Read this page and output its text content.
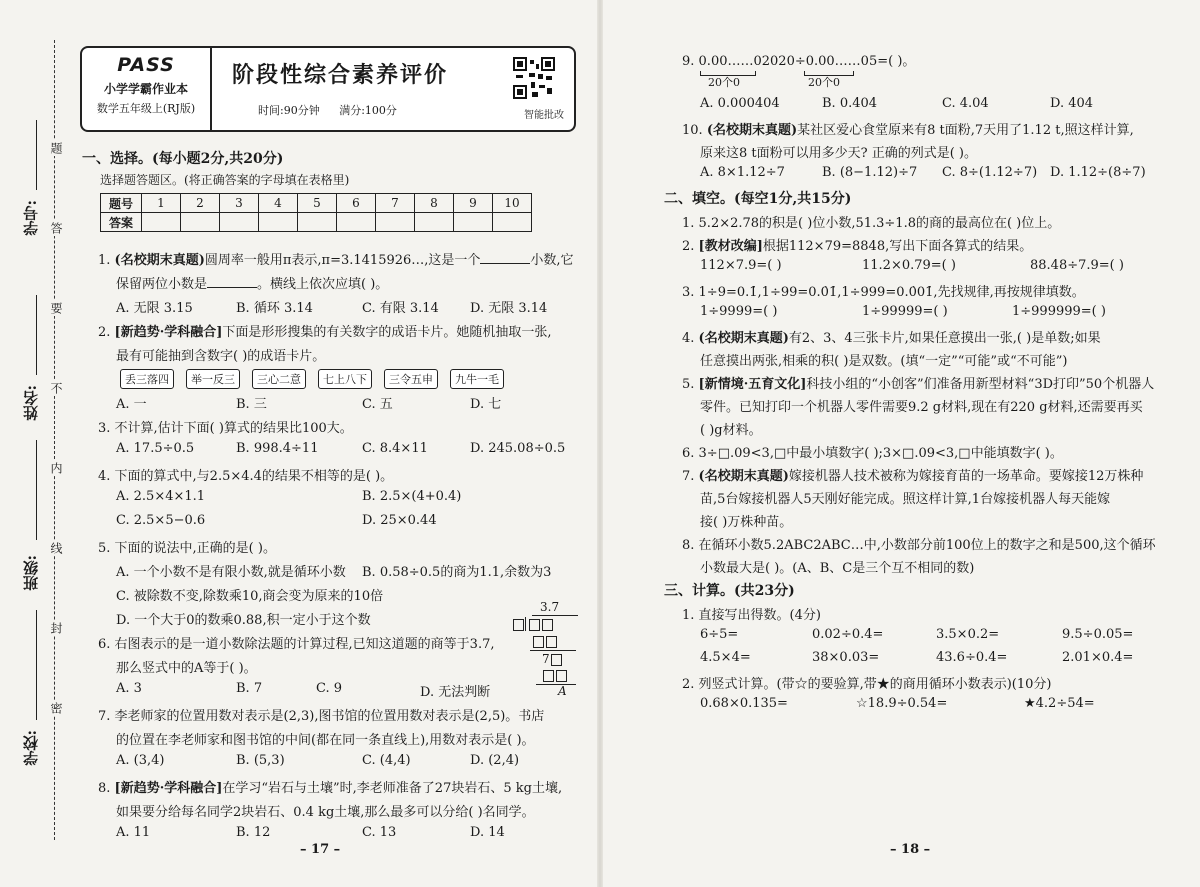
学号:
姓名:
班级:
学校:
题
答
要
不
内
线
封
密
PASS
小学学霸作业本
数学五年级上(RJ版)
阶段性综合素养评价
时间:90分钟 满分:100分	智能批改
一、选择。(每小题2分,共20分)
选择题答题区。(将正确答案的字母填在表格里)
题号	1	2	3	4	5	6	7	8	9	10
答案										
1. (名校期末真题)圆周率一般用π表示,π=3.1415926…,这是一个	小数,它
保留两位小数是	。横线上依次应填( )。
A. 无限 3.15	B. 循环 3.14	C. 有限 3.14 D. 无限 3.14
2. [新趋势·学科融合]下面是形形搜集的有关数字的成语卡片。她随机抽取一张,
最有可能抽到含数字( )的成语卡片。
丢三落四 举一反三 三心二意 七上八下 三令五申 九牛一毛
A. 一	B. 三	C. 五	D. 七
3. 不计算,估计下面( )算式的结果比100大。
A. 17.5÷0.5	B. 998.4÷11	C. 8.4×11	D. 245.08÷0.5
4. 下面的算式中,与2.5×4.4的结果不相等的是( )。
A. 2.5×4×1.1	B. 2.5×(4+0.4)
C. 2.5×5−0.6	D. 25×0.44
5. 下面的说法中,正确的是( )。
A. 一个小数不是有限小数,就是循环小数 B. 0.58÷0.5的商为1.1,余数为3
C. 被除数不变,除数乘10,商会变为原来的10倍
D. 一个大于0的数乘0.88,积一定小于这个数
6. 右图表示的是一道小数除法题的计算过程,已知这道题的商等于3.7,
那么竖式中的A等于( )。
A. 3	B. 7	C. 9	D. 无法判断
3.7
7
A
7. 李老师家的位置用数对表示是(2,3),图书馆的位置用数对表示是(2,5)。书店
的位置在李老师家和图书馆的中间(都在同一条直线上),用数对表示是( )。
A. (3,4)	B. (5,3)	C. (4,4)	D. (2,4)
8. [新趋势·学科融合]在学习“岩石与土壤”时,李老师准备了27块岩石、5 kg土壤,
如果要分给每名同学2块岩石、0.4 kg土壤,那么最多可以分给( )名同学。
A. 11	B. 12	C. 13	D. 14
– 17 –
9. 0.00……02020÷0.00……05=( )。
20个0	20个0
A. 0.000404	B. 0.404	C. 4.04	D. 404
10. (名校期末真题)某社区爱心食堂原来有8 t面粉,7天用了1.12 t,照这样计算,
原来这8 t面粉可以用多少天? 正确的列式是( )。
A. 8×1.12÷7	B. (8−1.12)÷7 C. 8÷(1.12÷7) D. 1.12÷(8÷7)
二、填空。(每空1分,共15分)
1. 5.2×2.78的积是( )位小数,51.3÷1.8的商的最高位在( )位上。
2. [教材改编]根据112×79=8848,写出下面各算式的结果。
112×7.9=( )	11.2×0.79=( )	88.48÷7.9=( )
3. 1÷9=0.1̇,1÷99=0.0̇1̇,1÷999=0.0̇01̇,先找规律,再按规律填数。
1÷9999=( )	1÷99999=( )	1÷999999=( )
4. (名校期末真题)有2、3、4三张卡片,如果任意摸出一张,( )是单数;如果
任意摸出两张,相乘的积( )是双数。(填“一定”“可能”或“不可能”)
5. [新情境·五育文化]科技小组的“小创客”们准备用新型材料“3D打印”50个机器人
零件。已知打印一个机器人零件需要9.2 g材料,现在有220 g材料,还需要再买
( )g材料。
6. 3÷□.09<3,□中最小填数字( );3×□.09<3,□中能填数字( )。
7. (名校期末真题)嫁接机器人技术被称为嫁接育苗的一场革命。要嫁接12万株种
苗,5台嫁接机器人5天刚好能完成。照这样计算,1台嫁接机器人每天能嫁
接( )万株种苗。
8. 在循环小数5.2ABC2ABC…中,小数部分前100位上的数字之和是500,这个循环
小数最大是( )。(A、B、C是三个互不相同的数)
三、计算。(共23分)
1. 直接写出得数。(4分)
6÷5=	0.02÷0.4=	3.5×0.2=	9.5÷0.05=
4.5×4=	38×0.03=	43.6÷0.4=	2.01×0.4=
2. 列竖式计算。(带☆的要验算,带★的商用循环小数表示)(10分)
0.68×0.135=	☆18.9÷0.54=	★4.2÷54=
– 18 –
